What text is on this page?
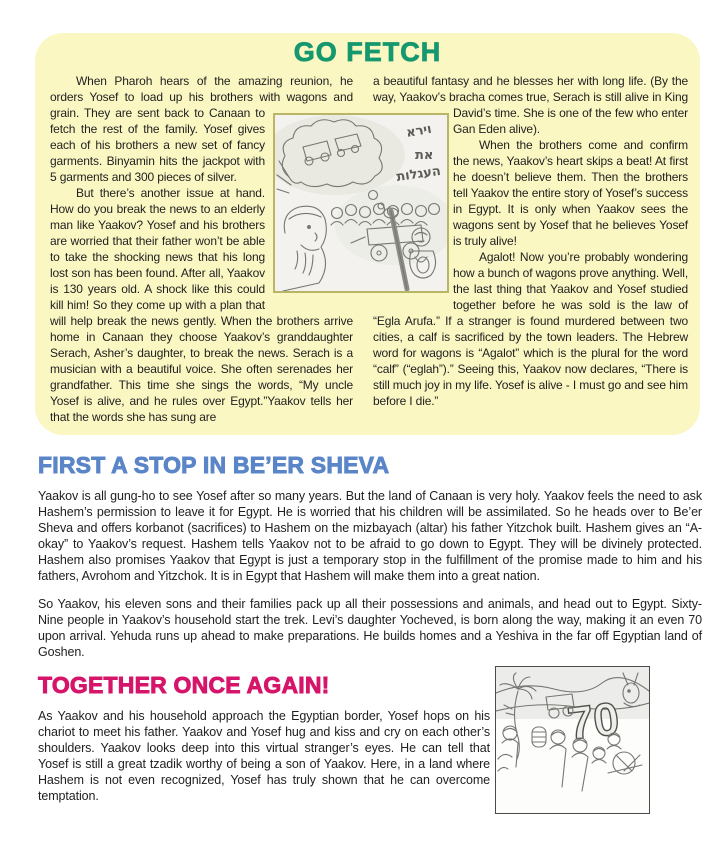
GO FETCH

When Pharoh hears of the amazing reunion, he orders Yosef to load up his brothers with wagons and
grain. They are sent back to Canaan to fetch the rest of the family. Yosef gives each of his brothers a new set of fancy garments. Binyamin hits the jackpot with 5 garments and 300 pieces of silver.

But there’s another issue at hand. How do you break the news to an elderly man like Yaakov? Yosef and his brothers are worried that their father won’t be able to take the shocking news that his long lost son has been found. After all, Yaakov is 130 years old. A shock like this could kill him! So they come up with a plan that will help break the news gently. When the brothers arrive home in Canaan they choose Yaakov’s granddaughter Serach, Asher’s daughter, to break the news. Serach is a musician with a beautiful voice. She often serenades her grandfather. This time she sings the words, “My uncle Yosef is alive, and he rules over Egypt.”Yaakov tells her that the words she has sung are

וירא
את
העגלות

a beautiful fantasy and he blesses her with long life. (By the way, Yaakov’s bracha comes true, Serach is still alive in King David’s time. She is one of the few who enter Gan Eden alive).

When the brothers come and confirm the news, Yaakov’s heart skips a beat! At first he doesn’t believe them. Then the brothers tell Yaakov the entire story of Yosef’s success in Egypt. It is only when Yaakov sees the wagons sent by Yosef that he believes Yosef is truly alive!

Agalot! Now you’re probably wondering how a bunch of wagons prove anything. Well, the last thing that Yaakov and Yosef studied together before he was sold is the law of “Egla Arufa.” If a stranger is found murdered between two cities, a calf is sacrificed by the town leaders. The Hebrew word for wagons is “Agalot” which is the plural for the word “calf” (“eglah”).” Seeing this, Yaakov now declares, “There is still much joy in my life. Yosef is alive - I must go and see him before I die.”

FIRST A STOP IN BE’ER SHEVA

Yaakov is all gung-ho to see Yosef after so many years. But the land of Canaan is very holy. Yaakov feels the need to ask Hashem’s permission to leave it for Egypt. He is worried that his children will be assimilated. So he heads over to Be’er Sheva and offers korbanot (sacrifices) to Hashem on the mizbayach (altar) his father Yitzchok built. Hashem gives an “A-okay” to Yaakov’s request. Hashem tells Yaakov not to be afraid to go down to Egypt. They will be divinely protected. Hashem also promises Yaakov that Egypt is just a temporary stop in the fulfillment of the promise made to him and his fathers, Avrohom and Yitzchok. It is in Egypt that Hashem will make them into a great nation.

So Yaakov, his eleven sons and their families pack up all their possessions and animals, and head out to Egypt. Sixty-Nine people in Yaakov’s household start the trek. Levi’s daughter Yocheved, is born along the way, making it an even 70 upon arrival. Yehuda runs up ahead to make preparations. He builds homes and a Yeshiva in the far off Egyptian land of Goshen.

TOGETHER ONCE AGAIN!

As Yaakov and his household approach the Egyptian border, Yosef hops on his chariot to meet his father. Yaakov and Yosef hug and kiss and cry on each other’s shoulders. Yaakov looks deep into this virtual stranger’s eyes. He can tell that Yosef is still a great tzadik worthy of being a son of Yaakov. Here, in a land where Hashem is not even recognized, Yosef has truly shown that he can overcome temptation.

70
